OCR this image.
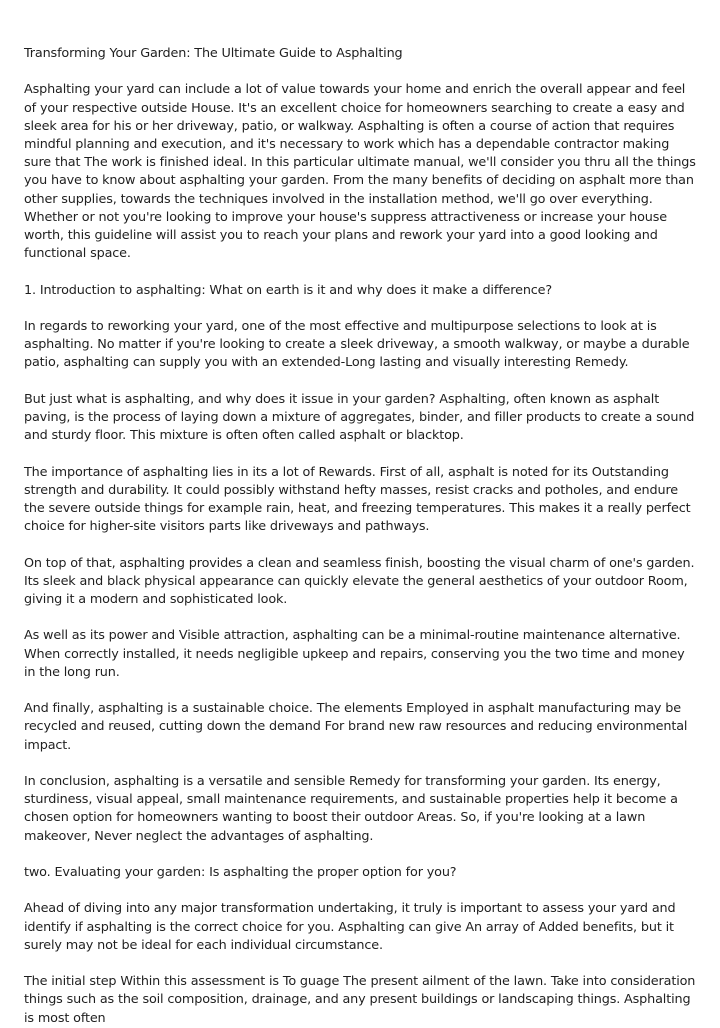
Transforming Your Garden: The Ultimate Guide to Asphalting

Asphalting your yard can include a lot of value towards your home and enrich the overall appear and feel of your respective outside House. It's an excellent choice for homeowners searching to create a easy and sleek area for his or her driveway, patio, or walkway. Asphalting is often a course of action that requires mindful planning and execution, and it's necessary to work which has a dependable contractor making sure that The work is finished ideal. In this particular ultimate manual, we'll consider you thru all the things you have to know about asphalting your garden. From the many benefits of deciding on asphalt more than other supplies, towards the techniques involved in the installation method, we'll go over everything. Whether or not you're looking to improve your house's suppress attractiveness or increase your house worth, this guideline will assist you to reach your plans and rework your yard into a good looking and functional space.

1. Introduction to asphalting: What on earth is it and why does it make a difference?

In regards to reworking your yard, one of the most effective and multipurpose selections to look at is asphalting. No matter if you're looking to create a sleek driveway, a smooth walkway, or maybe a durable patio, asphalting can supply you with an extended-Long lasting and visually interesting Remedy.

But just what is asphalting, and why does it issue in your garden? Asphalting, often known as asphalt paving, is the process of laying down a mixture of aggregates, binder, and filler products to create a sound and sturdy floor. This mixture is often often called asphalt or blacktop.

The importance of asphalting lies in its a lot of Rewards. First of all, asphalt is noted for its Outstanding strength and durability. It could possibly withstand hefty masses, resist cracks and potholes, and endure the severe outside things for example rain, heat, and freezing temperatures. This makes it a really perfect choice for higher-site visitors parts like driveways and pathways.

On top of that, asphalting provides a clean and seamless finish, boosting the visual charm of one's garden. Its sleek and black physical appearance can quickly elevate the general aesthetics of your outdoor Room, giving it a modern and sophisticated look.

As well as its power and Visible attraction, asphalting can be a minimal-routine maintenance alternative. When correctly installed, it needs negligible upkeep and repairs, conserving you the two time and money in the long run.

And finally, asphalting is a sustainable choice. The elements Employed in asphalt manufacturing may be recycled and reused, cutting down the demand For brand new raw resources and reducing environmental impact.

In conclusion, asphalting is a versatile and sensible Remedy for transforming your garden. Its energy, sturdiness, visual appeal, small maintenance requirements, and sustainable properties help it become a chosen option for homeowners wanting to boost their outdoor Areas. So, if you're looking at a lawn makeover, Never neglect the advantages of asphalting.

two. Evaluating your garden: Is asphalting the proper option for you?

Ahead of diving into any major transformation undertaking, it truly is important to assess your yard and identify if asphalting is the correct choice for you. Asphalting can give An array of Added benefits, but it surely may not be ideal for each individual circumstance.

The initial step Within this assessment is To guage The present ailment of the lawn. Take into consideration things such as the soil composition, drainage, and any present buildings or landscaping things. Asphalting is most often
